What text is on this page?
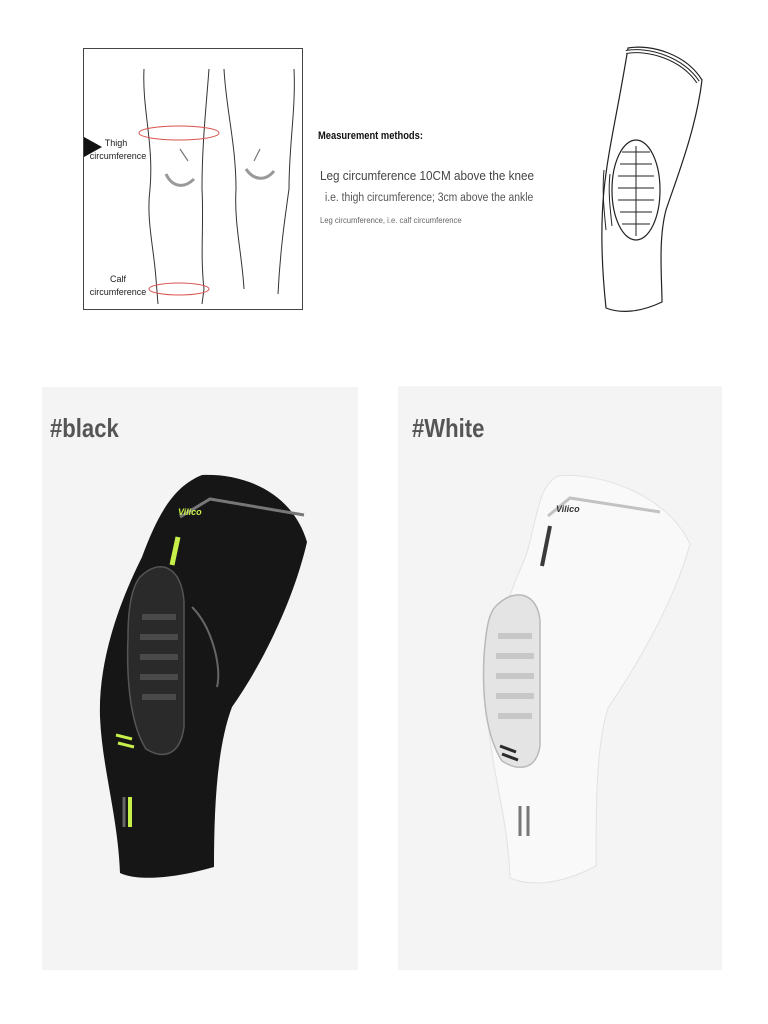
Thigh
circumference
Calf
circumference
Measurement methods:
Leg circumference 10CM above the knee
i.e. thigh circumference; 3cm above the ankle
Leg circumference, i.e. calf circumference
#black
Vilico
#White
Vilico
